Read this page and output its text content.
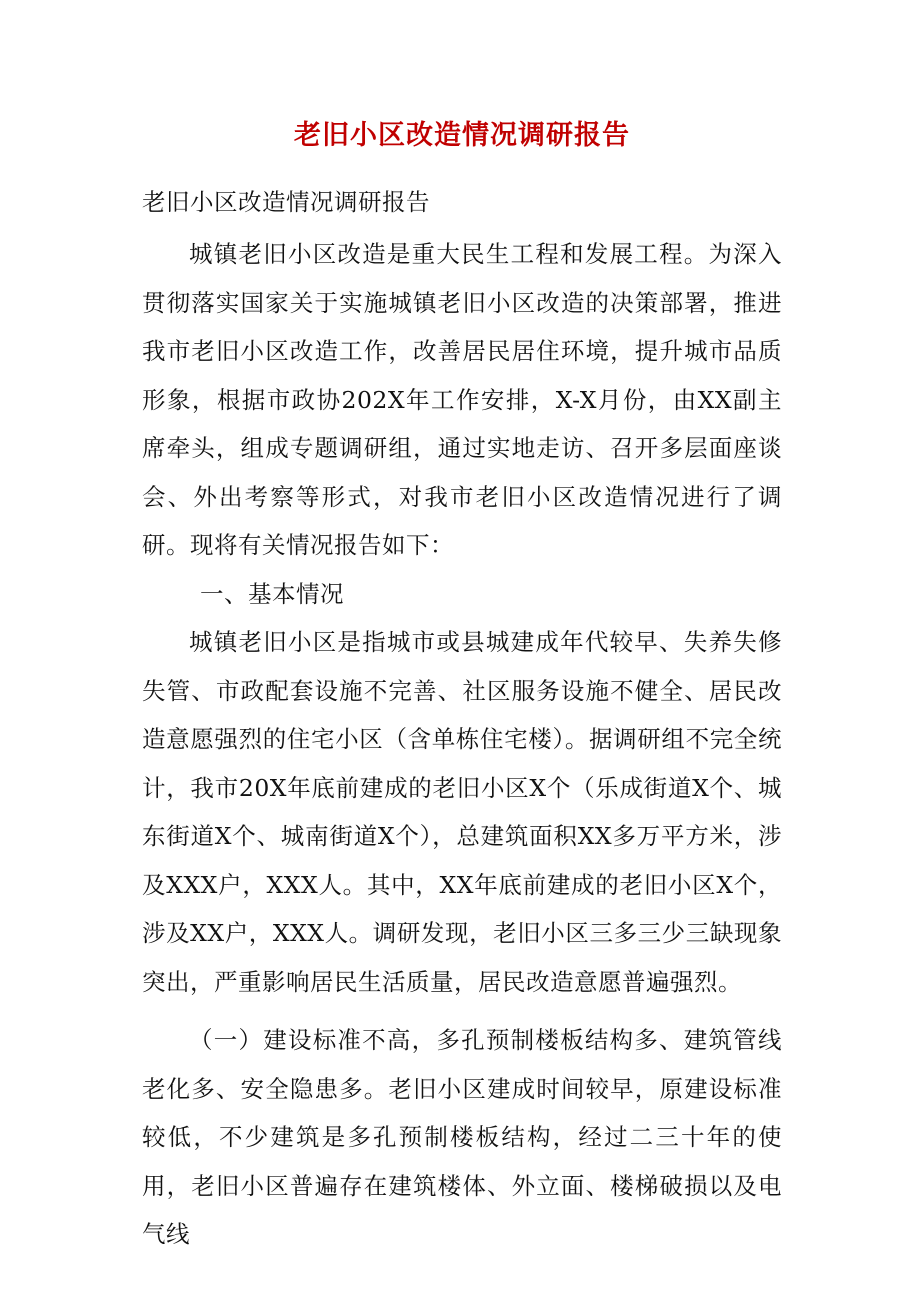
老旧小区改造情况调研报告

老旧小区改造情况调研报告

城镇老旧小区改造是重大民生工程和发展工程。为深入贯彻落实国家关于实施城镇老旧小区改造的决策部署，推进我市老旧小区改造工作，改善居民居住环境，提升城市品质形象，根据市政协202X年工作安排，X-X月份，由XX副主席牵头，组成专题调研组，通过实地走访、召开多层面座谈会、外出考察等形式，对我市老旧小区改造情况进行了调研。现将有关情况报告如下：

一、基本情况

城镇老旧小区是指城市或县城建成年代较早、失养失修失管、市政配套设施不完善、社区服务设施不健全、居民改造意愿强烈的住宅小区（含单栋住宅楼）。据调研组不完全统计，我市20X年底前建成的老旧小区X个（乐成街道X个、城东街道X个、城南街道X个），总建筑面积XX多万平方米，涉及XXX户，XXX人。其中，XX年底前建成的老旧小区X个，涉及XX户，XXX人。调研发现，老旧小区三多三少三缺现象突出，严重影响居民生活质量，居民改造意愿普遍强烈。

（一）建设标准不高，多孔预制楼板结构多、建筑管线老化多、安全隐患多。老旧小区建成时间较早，原建设标准较低，不少建筑是多孔预制楼板结构，经过二三十年的使用，老旧小区普遍存在建筑楼体、外立面、楼梯破损以及电气线
